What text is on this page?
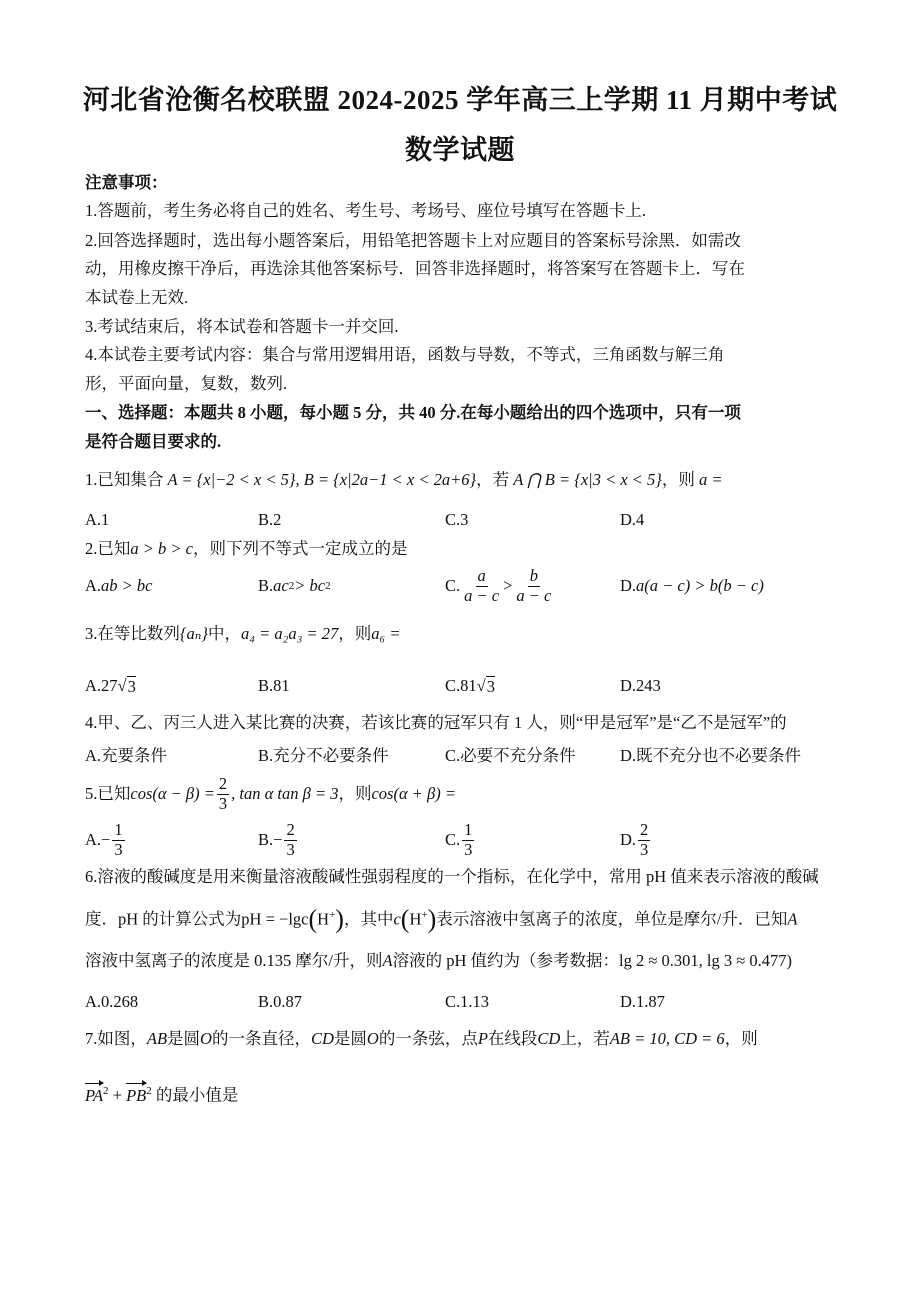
河北省沧衡名校联盟 2024-2025 学年高三上学期 11 月期中考试
数学试题
注意事项：
1.答题前，考生务必将自己的姓名、考生号、考场号、座位号填写在答题卡上.
2.回答选择题时，选出每小题答案后，用铅笔把答题卡上对应题目的答案标号涂黑．如需改
动，用橡皮擦干净后，再选涂其他答案标号．回答非选择题时，将答案写在答题卡上．写在
本试卷上无效.
3.考试结束后，将本试卷和答题卡一并交回.
4.本试卷主要考试内容：集合与常用逻辑用语，函数与导数，不等式，三角函数与解三角
形，平面向量，复数，数列.
一、选择题：本题共 8 小题，每小题 5 分，共 40 分.在每小题给出的四个选项中，只有一项
是符合题目要求的.
1.已知集合 A = {x|−2 < x < 5}, B = {x|2a−1 < x < 2a+6}，若 A ⋂ B = {x|3 < x < 5}，则 a =
A.1	B.2	C.3	D.4
2.已知a > b > c，则下列不等式一定成立的是
A. ab > bc	B. ac 2 > bc 2	C. $\frac{a}{a - c} > \frac{b}{a - c}$	D. a(a − c) > b(b − c)
3.在等比数列{aₙ}中，a₄ = a₂a₃ = 27，则a₆ =
A. 27 √ 3	B.81	C. 81 √ 3	D.243
4.甲、乙、丙三人进入某比赛的决赛，若该比赛的冠军只有 1 人，则“甲是冠军”是“乙不是冠军”的
A.充要条件	B.充分不必要条件	C.必要不充分条件	D.既不充分也不必要条件
5. 已知 $\cos(\alpha - \beta) = \frac{2}{3}$ , tan α tan β = 3 ，则 cos(α + β) =
A. − $\frac{1}{3}$	B. − $\frac{2}{3}$	C. $\frac{1}{3}$	D. $\frac{2}{3}$
6.溶液的酸碱度是用来衡量溶液酸碱性强弱程度的一个指标，在化学中，常用 pH 值来表示溶液的酸碱
度．pH 的计算公式为pH = −lgc(H+)，其中c(H+)表示溶液中氢离子的浓度，单位是摩尔/升．已知A
溶液中氢离子的浓度是 0.135 摩尔/升，则A溶液的 pH 值约为（参考数据：lg 2 ≈ 0.301, lg 3 ≈ 0.477)
A.0.268	B.0.87	C.1.13	D.1.87
7.如图，AB是圆O的一条直径，CD是圆O的一条弦，点P在线段CD上，若AB = 10, CD = 6，则
$PA^2 + PB^2$ 的最小值是
